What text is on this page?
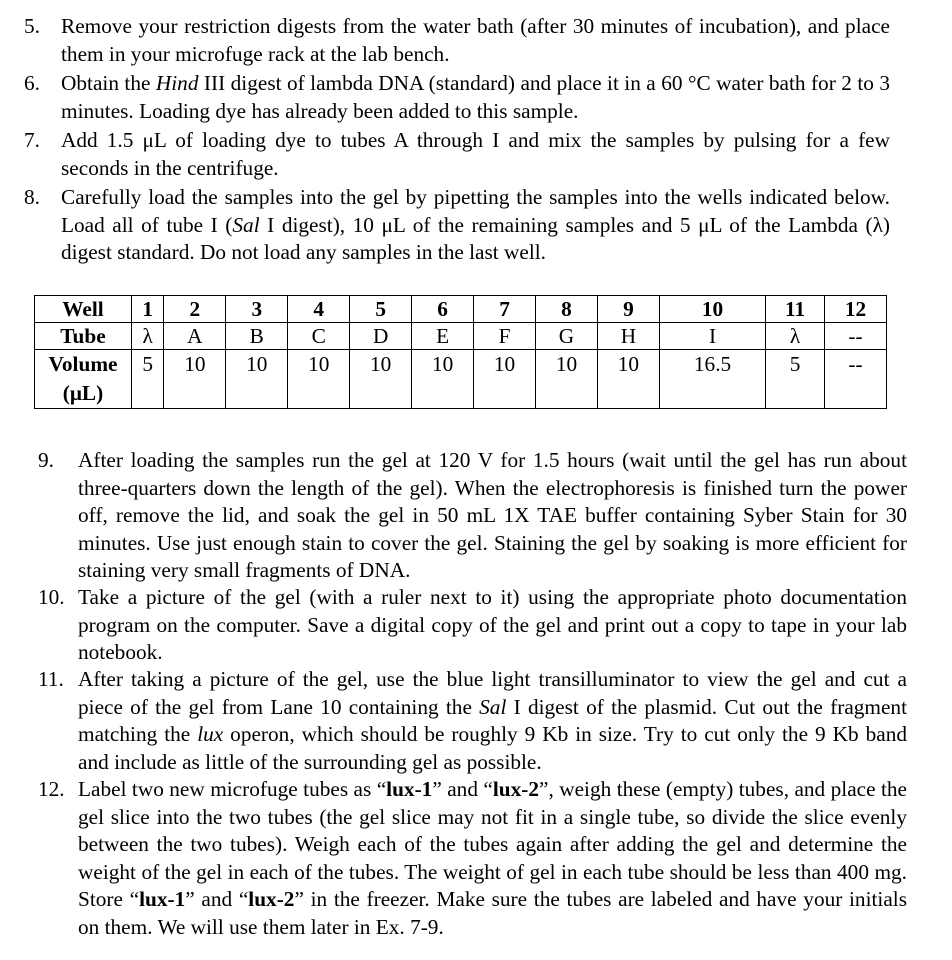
5. Remove your restriction digests from the water bath (after 30 minutes of incubation), and place them in your microfuge rack at the lab bench.
6. Obtain the Hind III digest of lambda DNA (standard) and place it in a 60 °C water bath for 2 to 3 minutes. Loading dye has already been added to this sample.
7. Add 1.5 μL of loading dye to tubes A through I and mix the samples by pulsing for a few seconds in the centrifuge.
8. Carefully load the samples into the gel by pipetting the samples into the wells indicated below. Load all of tube I (Sal I digest), 10 μL of the remaining samples and 5 μL of the Lambda (λ) digest standard. Do not load any samples in the last well.
Well	1	2	3	4	5	6	7	8	9	10	11	12
Tube	λ	A	B	C	D	E	F	G	H	I	λ	--
Volume (μL)	5	10	10	10	10	10	10	10	10	16.5	5	--
9.	After loading the samples run the gel at 120 V for 1.5 hours (wait until the gel has run about three-quarters down the length of the gel). When the electrophoresis is finished turn the power off, remove the lid, and soak the gel in 50 mL 1X TAE buffer containing Syber Stain for 30 minutes. Use just enough stain to cover the gel. Staining the gel by soaking is more efficient for staining very small fragments of DNA.
10. Take a picture of the gel (with a ruler next to it) using the appropriate photo documentation program on the computer. Save a digital copy of the gel and print out a copy to tape in your lab notebook.
11. After taking a picture of the gel, use the blue light transilluminator to view the gel and cut a piece of the gel from Lane 10 containing the Sal I digest of the plasmid. Cut out the fragment matching the lux operon, which should be roughly 9 Kb in size. Try to cut only the 9 Kb band and include as little of the surrounding gel as possible.
12. Label two new microfuge tubes as “lux-1” and “lux-2”, weigh these (empty) tubes, and place the gel slice into the two tubes (the gel slice may not fit in a single tube, so divide the slice evenly between the two tubes). Weigh each of the tubes again after adding the gel and determine the weight of the gel in each of the tubes. The weight of gel in each tube should be less than 400 mg. Store “lux-1” and “lux-2” in the freezer. Make sure the tubes are labeled and have your initials on them. We will use them later in Ex. 7-9.
